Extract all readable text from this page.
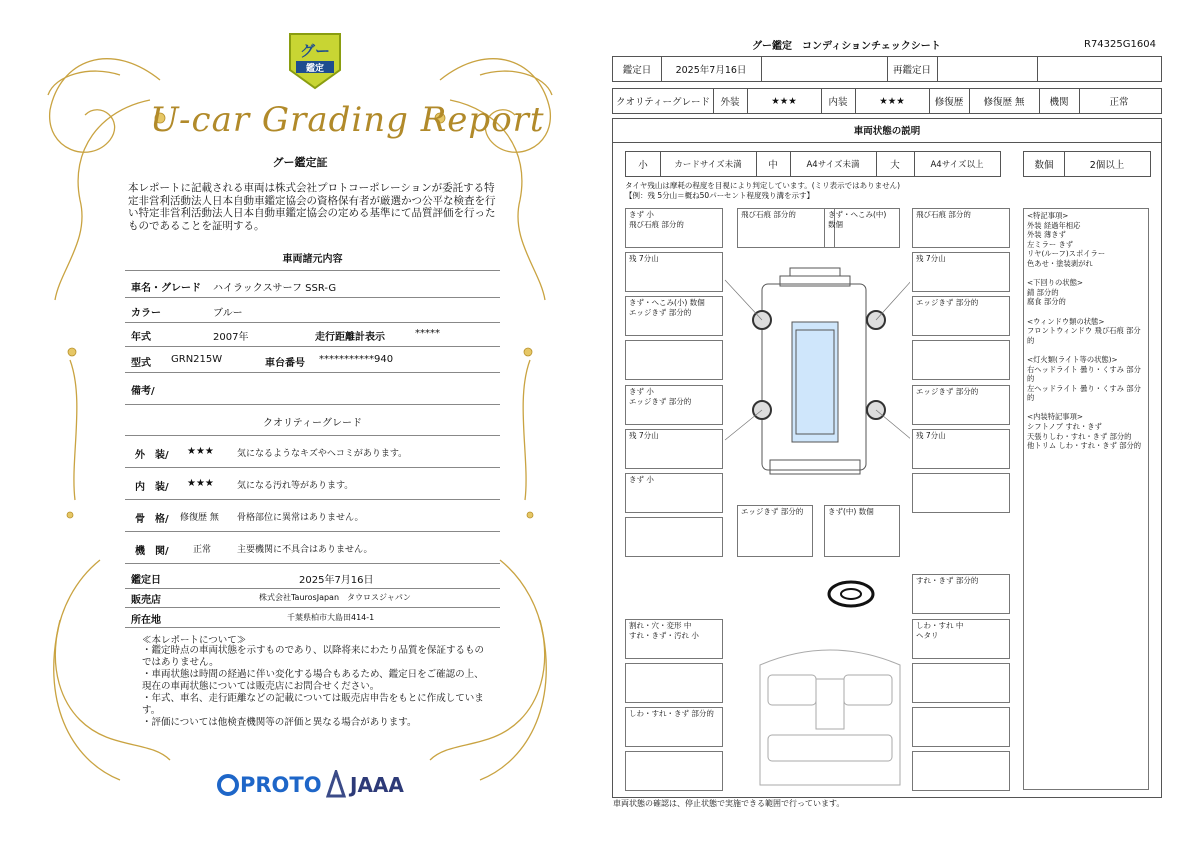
グー
鑑定
U-car Grading Report
グー鑑定証
本レポートに記載される車両は株式会社プロトコーポレーションが委託する特定非営利活動法人日本自動車鑑定協会の資格保有者が厳選かつ公平な検査を行い特定非営利活動法人日本自動車鑑定協会の定める基準にて品質評価を行ったものであることを証明する。
車両諸元内容
車名・グレード ハイラックスサーフ SSR-G
カラー	ブルー
年式	2007年	走行距離計表示	*****
型式 GRN215W	車台番号 ***********940
備考/
クオリティーグレード
外　装/ ★★★	気になるようなキズやヘコミがあります。
内　装/ ★★★	気になる汚れ等があります。
骨　格/ 修復歴 無 骨格部位に異常はありません。
機　関/	正常	主要機関に不具合はありません。
鑑定日	2025年7月16日
販売店	株式会社TaurosJapan　タウロスジャパン
所在地	千葉県柏市大島田414-1
≪本レポートについて≫
・鑑定時点の車両状態を示すものであり、以降将来にわたり品質を保証するものではありません。
・車両状態は時間の経過に伴い変化する場合もあるため、鑑定日をご確認の上、現在の車両状態については販売店にお問合せください。
・年式、車名、走行距離などの記載については販売店申告をもとに作成しています。
・評価については他検査機関等の評価と異なる場合があります。
PROTO JAAA
グー鑑定　コンディションチェックシート	R74325G1604
鑑定日	2025年7月16日	再鑑定日
クオリティーグレード	外装	★★★	内装	★★★	修復歴	修復歴 無	機関	正常
車両状態の説明
小	カードサイズ未満	中	A4サイズ未満	大	A4サイズ以上	数個	2個以上
タイヤ残山は摩耗の程度を目視により判定しています。(ミリ表示ではありません)
【例：残 5分山＝概ね50パーセント程度残り溝を示す】
きず 小
飛び石痕 部分的
飛び石痕 部分的	きず・へこみ(中) 数個
飛び石痕 部分的
残 7分山	残 7分山
きず・へこみ(小) 数個
エッジきず 部分的
エッジきず 部分的
きず 小
エッジきず 部分的
エッジきず 部分的
残 7分山	残 7分山
きず 小
エッジきず 部分的	きず(中) 数個
すれ・きず 部分的
割れ・穴・変形 中
すれ・きず・汚れ 小
しわ・すれ 中
ヘタリ
しわ・すれ・きず 部分的
<特記事項>
外装 経過年相応
外装 薄きず
左ミラー きず
リヤ(ルーフ)スポイラー
色あせ・塗装剥がれ

<下回りの状態>
錆 部分的
腐食 部分的

<ウィンドウ類の状態>
フロントウィンドウ 飛び石痕 部分的

<灯火類(ライト等の状態)>
右ヘッドライト 曇り・くすみ 部分的
左ヘッドライト 曇り・くすみ 部分的

<内装特記事項>
シフトノブ すれ・きず
天張りしわ・すれ・きず 部分的
他トリム しわ・すれ・きず 部分的
車両状態の確認は、停止状態で実施できる範囲で行っています。
